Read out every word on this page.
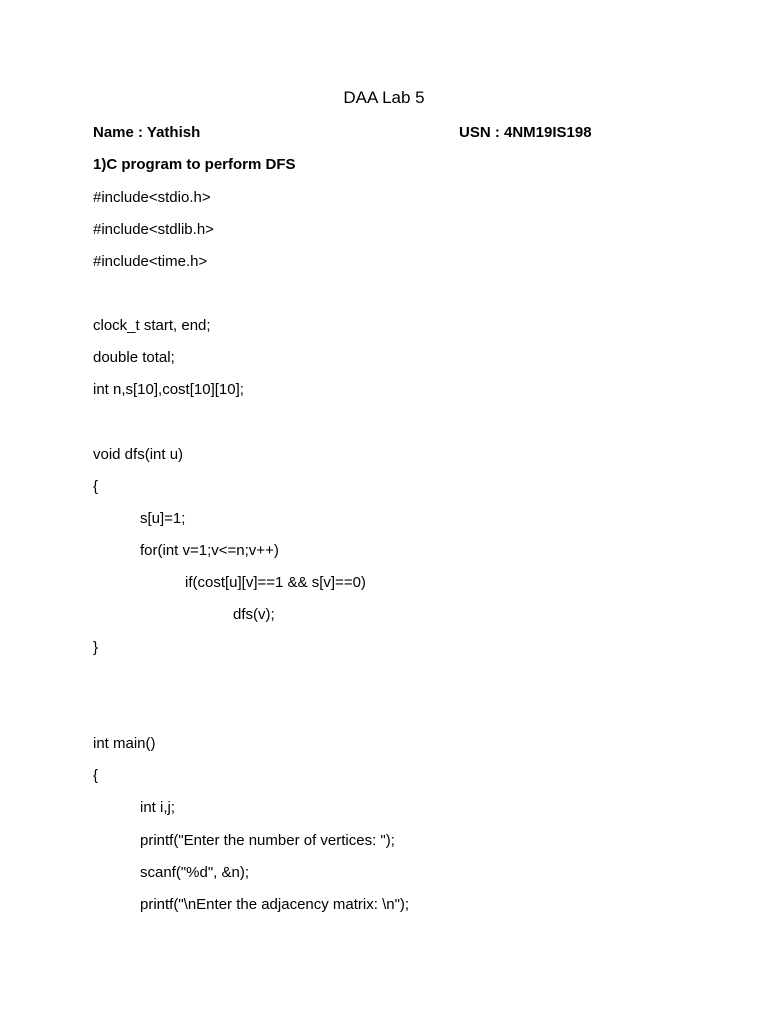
DAA Lab 5
Name : Yathish	USN : 4NM19IS198
1)C program to perform DFS
#include<stdio.h>
#include<stdlib.h>
#include<time.h>
clock_t start, end;
double total;
int n,s[10],cost[10][10];
void dfs(int u)
{
s[u]=1;
for(int v=1;v<=n;v++)
if(cost[u][v]==1 && s[v]==0)
dfs(v);
}
int main()
{
int i,j;
printf("Enter the number of vertices: ");
scanf("%d", &n);
printf("\nEnter the adjacency matrix: \n");
